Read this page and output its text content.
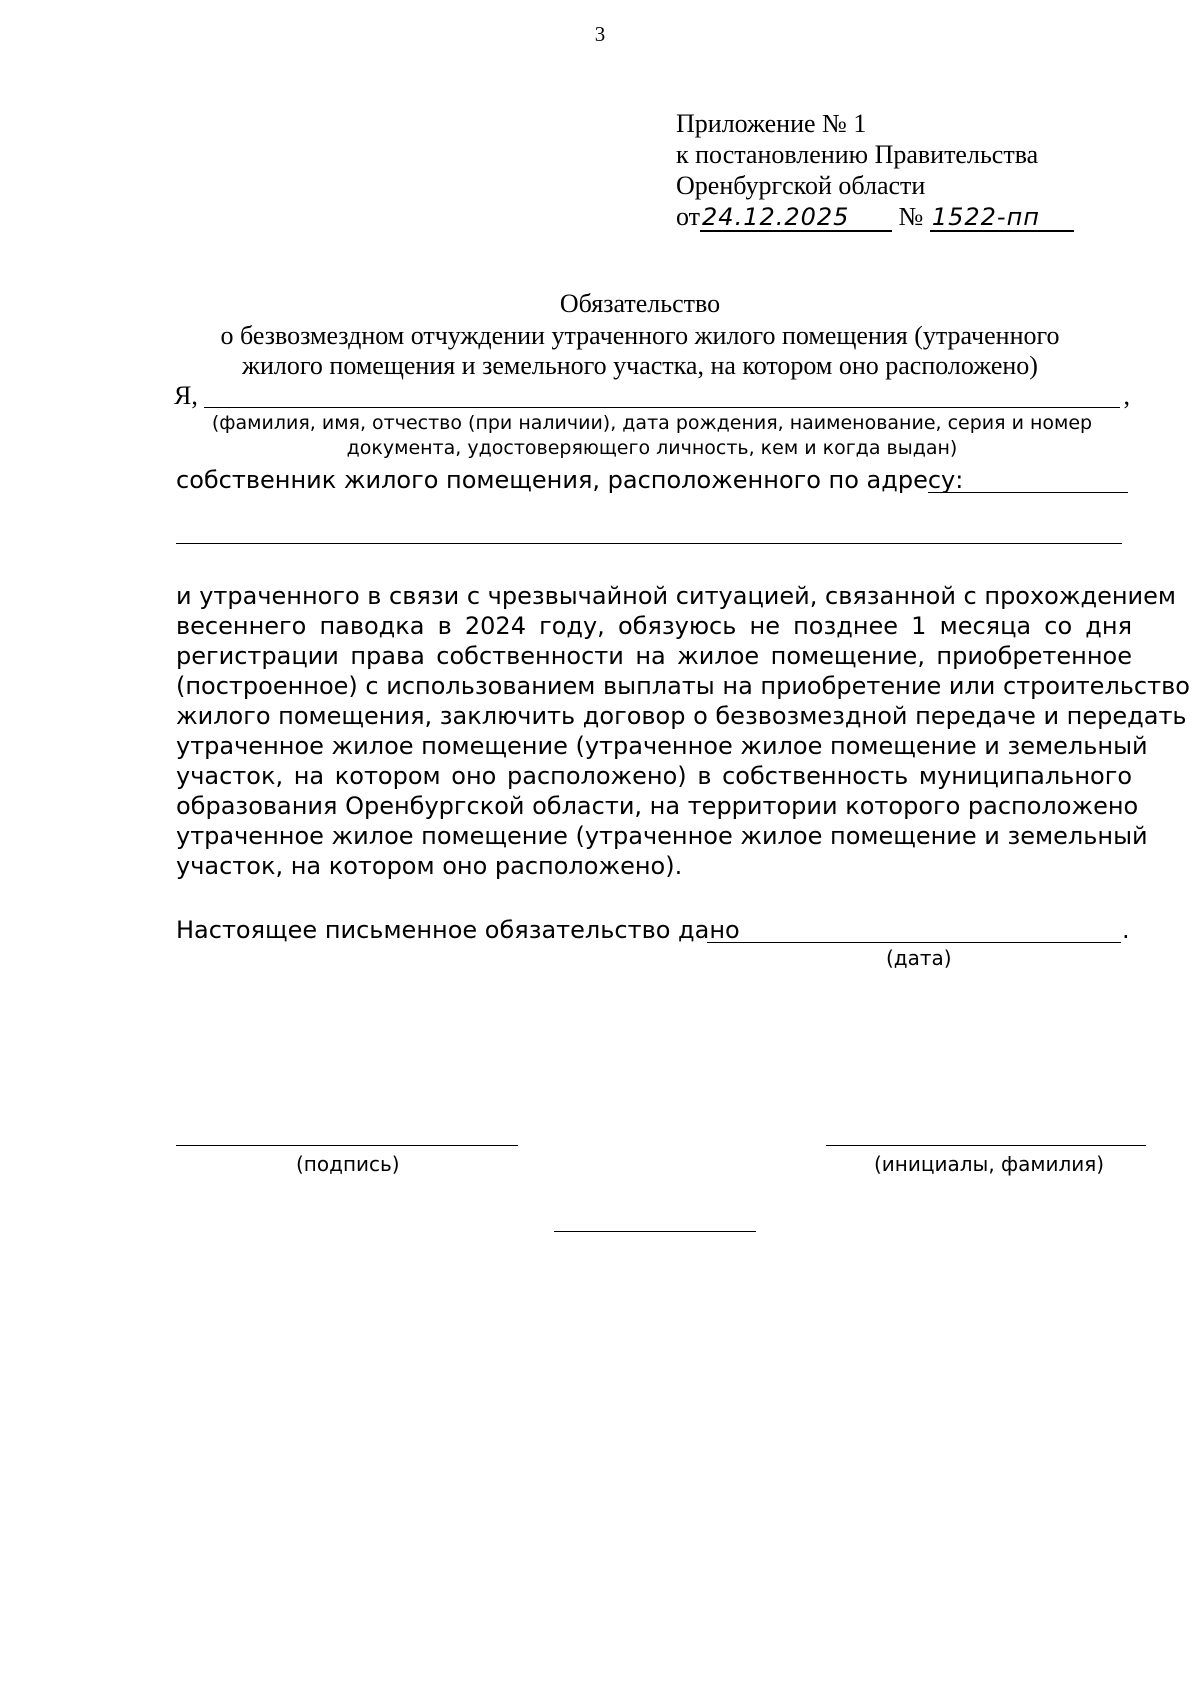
3
Приложение № 1
к постановлению Правительства
Оренбургской области
от24.12.2025 № 1522-пп
Обязательство
о безвозмездном отчуждении утраченного жилого помещения (утраченного
жилого помещения и земельного участка, на котором оно расположено)
Я,	,
(фамилия, имя, отчество (при наличии), дата рождения, наименование, серия и номер
документа, удостоверяющего личность, кем и когда выдан)
собственник жилого помещения, расположенного по адресу:
и утраченного в связи с чрезвычайной ситуацией, связанной с прохождением
весеннего паводка в 2024 году, обязуюсь не позднее 1 месяца со дня
регистрации права собственности на жилое помещение, приобретенное
(построенное) с использованием выплаты на приобретение или строительство
жилого помещения, заключить договор о безвозмездной передаче и передать
утраченное жилое помещение (утраченное жилое помещение и земельный
участок, на котором оно расположено) в собственность муниципального
образования Оренбургской области, на территории которого расположено
утраченное жилое помещение (утраченное жилое помещение и земельный
участок, на котором оно расположено).
Настоящее письменное обязательство дано	.
(дата)
(подпись)	(инициалы, фамилия)
